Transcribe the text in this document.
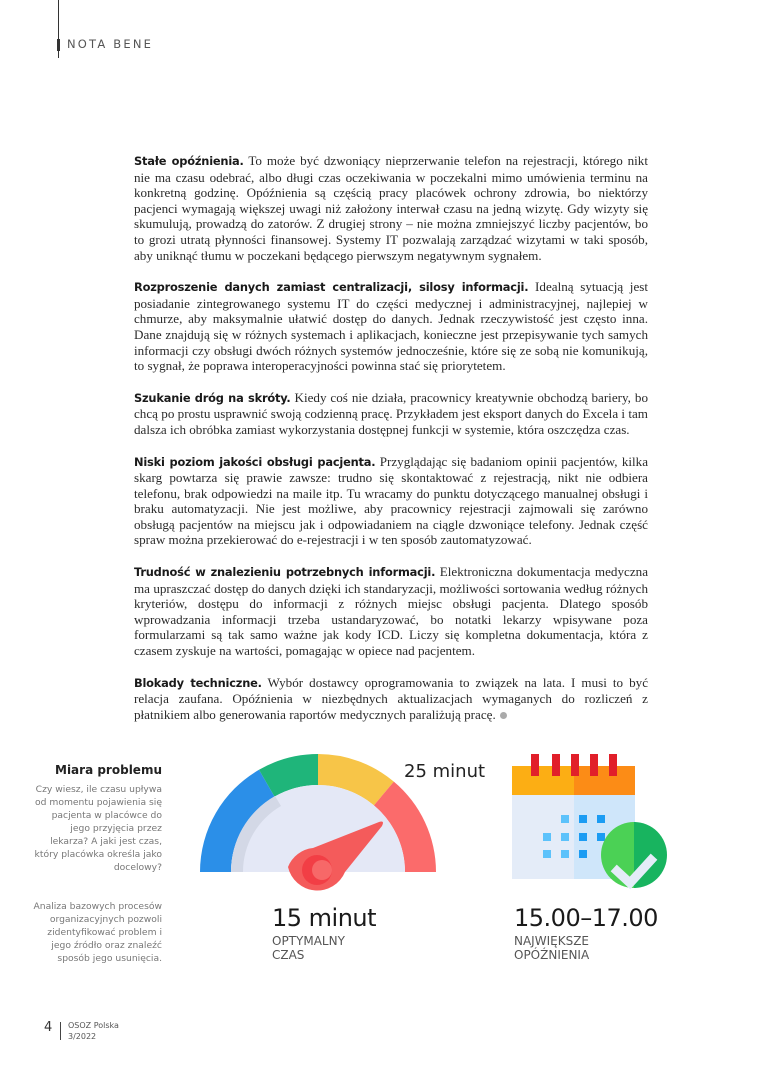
NOTA BENE

Stałe opóźnienia. To może być dzwoniący nieprzerwanie telefon na rejestracji, którego nikt nie ma czasu odebrać, albo długi czas oczekiwania w poczekalni mimo umówienia terminu na konkretną godzinę. Opóźnienia są częścią pracy placówek ochrony zdrowia, bo niektórzy pacjenci wymagają większej uwagi niż założony interwał czasu na jedną wizytę. Gdy wizyty się skumulują, prowadzą do zatorów. Z drugiej strony – nie można zmniejszyć liczby pacjentów, bo to grozi utratą płynności finansowej. Systemy IT pozwalają zarządzać wizytami w taki sposób, aby uniknąć tłumu w poczekani będącego pierwszym negatywnym sygnałem.

Rozproszenie danych zamiast centralizacji, silosy informacji. Idealną sytuacją jest posiadanie zintegrowanego systemu IT do części medycznej i administracyjnej, najlepiej w chmurze, aby maksymalnie ułatwić dostęp do danych. Jednak rzeczywistość jest często inna. Dane znajdują się w różnych systemach i aplikacjach, konieczne jest przepisywanie tych samych informacji czy obsługi dwóch różnych systemów jednocześnie, które się ze sobą nie komunikują, to sygnał, że poprawa interoperacyjności powinna stać się priorytetem.

Szukanie dróg na skróty. Kiedy coś nie działa, pracownicy kreatywnie obchodzą bariery, bo chcą po prostu usprawnić swoją codzienną pracę. Przykładem jest eksport danych do Excela i tam dalsza ich obróbka zamiast wykorzystania dostępnej funkcji w systemie, która oszczędza czas.

Niski poziom jakości obsługi pacjenta. Przyglądając się badaniom opinii pacjentów, kilka skarg powtarza się prawie zawsze: trudno się skontaktować z rejestracją, nikt nie odbiera telefonu, brak odpowiedzi na maile itp. Tu wracamy do punktu dotyczącego manualnej obsługi i braku automatyzacji. Nie jest możliwe, aby pracownicy rejestracji zajmowali się zarówno obsługą pacjentów na miejscu jak i odpowiadaniem na ciągle dzwoniące telefony. Jednak część spraw można przekierować do e-rejestracji i w ten sposób zautomatyzować.

Trudność w znalezieniu potrzebnych informacji. Elektroniczna dokumentacja medyczna ma upraszczać dostęp do danych dzięki ich standaryzacji, możliwości sortowania według różnych kryteriów, dostępu do informacji z różnych miejsc obsługi pacjenta. Dlatego sposób wprowadzania informacji trzeba ustandaryzować, bo notatki lekarzy wpisywane poza formularzami są tak samo ważne jak kody ICD. Liczy się kompletna dokumentacja, która z czasem zyskuje na wartości, pomagając w opiece nad pacjentem.

Blokady techniczne. Wybór dostawcy oprogramowania to związek na lata. I musi to być relacja zaufana. Opóźnienia w niezbędnych aktualizacjach wymaganych do rozliczeń z płatnikiem albo generowania raportów medycznych paraliżują pracę.

Miara problemu

Czy wiesz, ile czasu upływa od momentu pojawienia się pacjenta w placówce do jego przyjęcia przez lekarza? A jaki jest czas, który placówka określa jako docelowy?

Analiza bazowych procesów organizacyjnych pozwoli zidentyfikować problem i jego źródło oraz znaleźć sposób jego usunięcia.

25 minut
15 minut
OPTYMALNY
CZAS
15.00–17.00
NAJWIĘKSZE
OPÓŹNIENIA
4 OSOZ Polska
3/2022
